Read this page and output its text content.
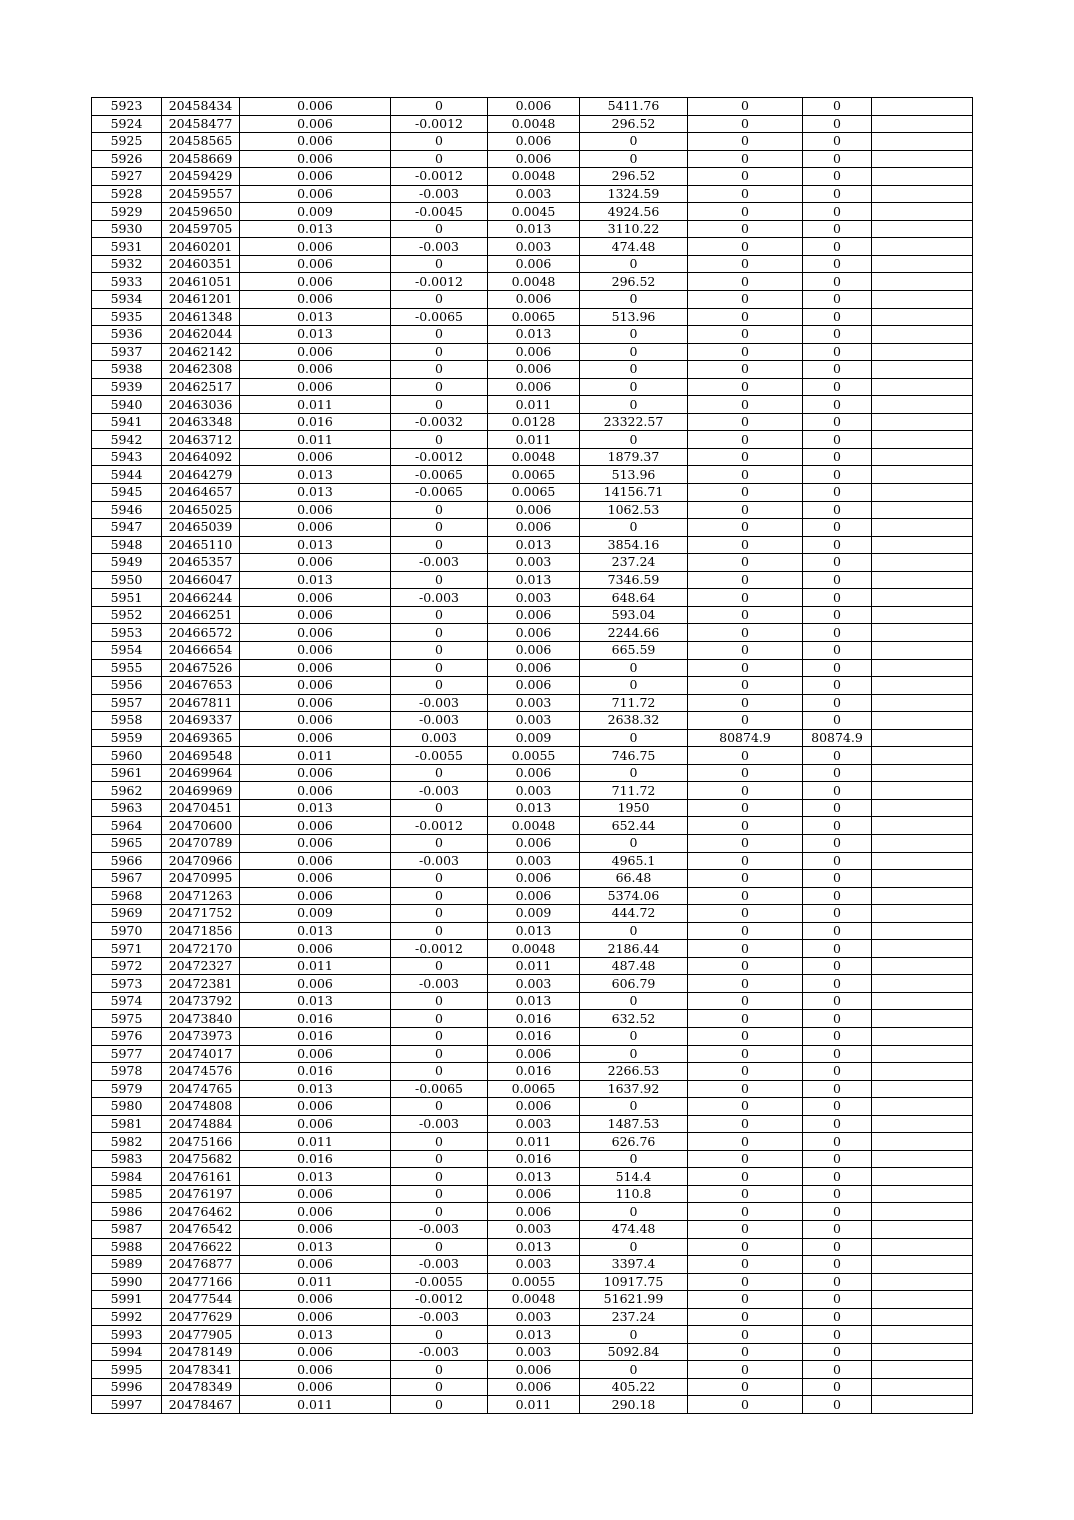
5923	20458434	0.006	0	0.006	5411.76	0	0	
5924	20458477	0.006	-0.0012	0.0048	296.52	0	0	
5925	20458565	0.006	0	0.006	0	0	0	
5926	20458669	0.006	0	0.006	0	0	0	
5927	20459429	0.006	-0.0012	0.0048	296.52	0	0	
5928	20459557	0.006	-0.003	0.003	1324.59	0	0	
5929	20459650	0.009	-0.0045	0.0045	4924.56	0	0	
5930	20459705	0.013	0	0.013	3110.22	0	0	
5931	20460201	0.006	-0.003	0.003	474.48	0	0	
5932	20460351	0.006	0	0.006	0	0	0	
5933	20461051	0.006	-0.0012	0.0048	296.52	0	0	
5934	20461201	0.006	0	0.006	0	0	0	
5935	20461348	0.013	-0.0065	0.0065	513.96	0	0	
5936	20462044	0.013	0	0.013	0	0	0	
5937	20462142	0.006	0	0.006	0	0	0	
5938	20462308	0.006	0	0.006	0	0	0	
5939	20462517	0.006	0	0.006	0	0	0	
5940	20463036	0.011	0	0.011	0	0	0	
5941	20463348	0.016	-0.0032	0.0128	23322.57	0	0	
5942	20463712	0.011	0	0.011	0	0	0	
5943	20464092	0.006	-0.0012	0.0048	1879.37	0	0	
5944	20464279	0.013	-0.0065	0.0065	513.96	0	0	
5945	20464657	0.013	-0.0065	0.0065	14156.71	0	0	
5946	20465025	0.006	0	0.006	1062.53	0	0	
5947	20465039	0.006	0	0.006	0	0	0	
5948	20465110	0.013	0	0.013	3854.16	0	0	
5949	20465357	0.006	-0.003	0.003	237.24	0	0	
5950	20466047	0.013	0	0.013	7346.59	0	0	
5951	20466244	0.006	-0.003	0.003	648.64	0	0	
5952	20466251	0.006	0	0.006	593.04	0	0	
5953	20466572	0.006	0	0.006	2244.66	0	0	
5954	20466654	0.006	0	0.006	665.59	0	0	
5955	20467526	0.006	0	0.006	0	0	0	
5956	20467653	0.006	0	0.006	0	0	0	
5957	20467811	0.006	-0.003	0.003	711.72	0	0	
5958	20469337	0.006	-0.003	0.003	2638.32	0	0	
5959	20469365	0.006	0.003	0.009	0	80874.9	80874.9	
5960	20469548	0.011	-0.0055	0.0055	746.75	0	0	
5961	20469964	0.006	0	0.006	0	0	0	
5962	20469969	0.006	-0.003	0.003	711.72	0	0	
5963	20470451	0.013	0	0.013	1950	0	0	
5964	20470600	0.006	-0.0012	0.0048	652.44	0	0	
5965	20470789	0.006	0	0.006	0	0	0	
5966	20470966	0.006	-0.003	0.003	4965.1	0	0	
5967	20470995	0.006	0	0.006	66.48	0	0	
5968	20471263	0.006	0	0.006	5374.06	0	0	
5969	20471752	0.009	0	0.009	444.72	0	0	
5970	20471856	0.013	0	0.013	0	0	0	
5971	20472170	0.006	-0.0012	0.0048	2186.44	0	0	
5972	20472327	0.011	0	0.011	487.48	0	0	
5973	20472381	0.006	-0.003	0.003	606.79	0	0	
5974	20473792	0.013	0	0.013	0	0	0	
5975	20473840	0.016	0	0.016	632.52	0	0	
5976	20473973	0.016	0	0.016	0	0	0	
5977	20474017	0.006	0	0.006	0	0	0	
5978	20474576	0.016	0	0.016	2266.53	0	0	
5979	20474765	0.013	-0.0065	0.0065	1637.92	0	0	
5980	20474808	0.006	0	0.006	0	0	0	
5981	20474884	0.006	-0.003	0.003	1487.53	0	0	
5982	20475166	0.011	0	0.011	626.76	0	0	
5983	20475682	0.016	0	0.016	0	0	0	
5984	20476161	0.013	0	0.013	514.4	0	0	
5985	20476197	0.006	0	0.006	110.8	0	0	
5986	20476462	0.006	0	0.006	0	0	0	
5987	20476542	0.006	-0.003	0.003	474.48	0	0	
5988	20476622	0.013	0	0.013	0	0	0	
5989	20476877	0.006	-0.003	0.003	3397.4	0	0	
5990	20477166	0.011	-0.0055	0.0055	10917.75	0	0	
5991	20477544	0.006	-0.0012	0.0048	51621.99	0	0	
5992	20477629	0.006	-0.003	0.003	237.24	0	0	
5993	20477905	0.013	0	0.013	0	0	0	
5994	20478149	0.006	-0.003	0.003	5092.84	0	0	
5995	20478341	0.006	0	0.006	0	0	0	
5996	20478349	0.006	0	0.006	405.22	0	0	
5997	20478467	0.011	0	0.011	290.18	0	0	
